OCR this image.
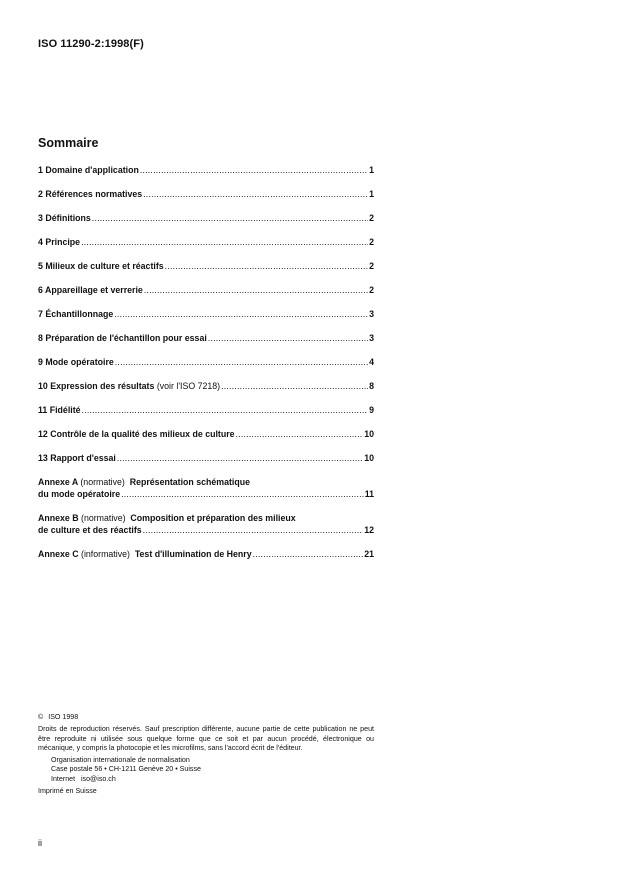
ISO 11290-2:1998(F)
Sommaire
1 Domaine d'application .....	1
2 Références normatives .....	1
3 Définitions .....	2
4 Principe .....	2
5 Milieux de culture et réactifs .....	2
6 Appareillage et verrerie .....	2
7 Échantillonnage .....	3
8 Préparation de l'échantillon pour essai .....	3
9 Mode opératoire .....	4
10 Expression des résultats (voir l'ISO 7218) .....	8
11 Fidélité .....	9
12 Contrôle de la qualité des milieux de culture .....	10
13 Rapport d'essai .....	10
Annexe A (normative) Représentation schématique
du mode opératoire .....	11
Annexe B (normative) Composition et préparation des milieux
de culture et des réactifs .....	12
Annexe C (informative) Test d'illumination de Henry .....	21

© ISO 1998

Droits de reproduction réservés. Sauf prescription différente, aucune partie de cette publication ne peut être reproduite ni utilisée sous quelque forme que ce soit et par aucun procédé, électronique ou mécanique, y compris la photocopie et les microfilms, sans l'accord écrit de l'éditeur.

Organisation internationale de normalisation
Case postale 56 • CH-1211 Genève 20 • Suisse
Internet iso@iso.ch

Imprimé en Suisse

ii
